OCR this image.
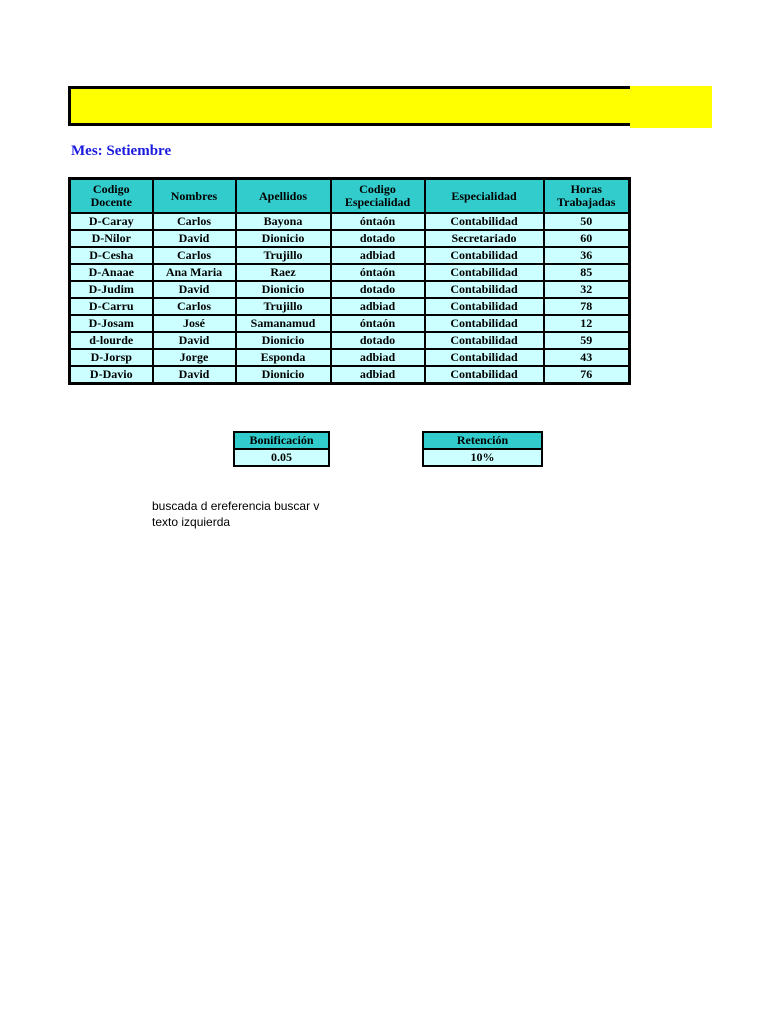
Mes: Setiembre
Codigo Docente	Nombres	Apellidos	Codigo Especialidad	Especialidad	Horas Trabajadas
D-Caray	Carlos	Bayona	óntaón	Contabilidad	50
D-Nilor	David	Dionicio	dotado	Secretariado	60
D-Cesha	Carlos	Trujillo	adbiad	Contabilidad	36
D-Anaae	Ana Maria	Raez	óntaón	Contabilidad	85
D-Judim	David	Dionicio	dotado	Contabilidad	32
D-Carru	Carlos	Trujillo	adbiad	Contabilidad	78
D-Josam	José	Samanamud	óntaón	Contabilidad	12
d-lourde	David	Dionicio	dotado	Contabilidad	59
D-Jorsp	Jorge	Esponda	adbiad	Contabilidad	43
D-Davio	David	Dionicio	adbiad	Contabilidad	76
Bonificación
0.05
Retención
10%
buscada d ereferencia buscar v
texto izquierda
